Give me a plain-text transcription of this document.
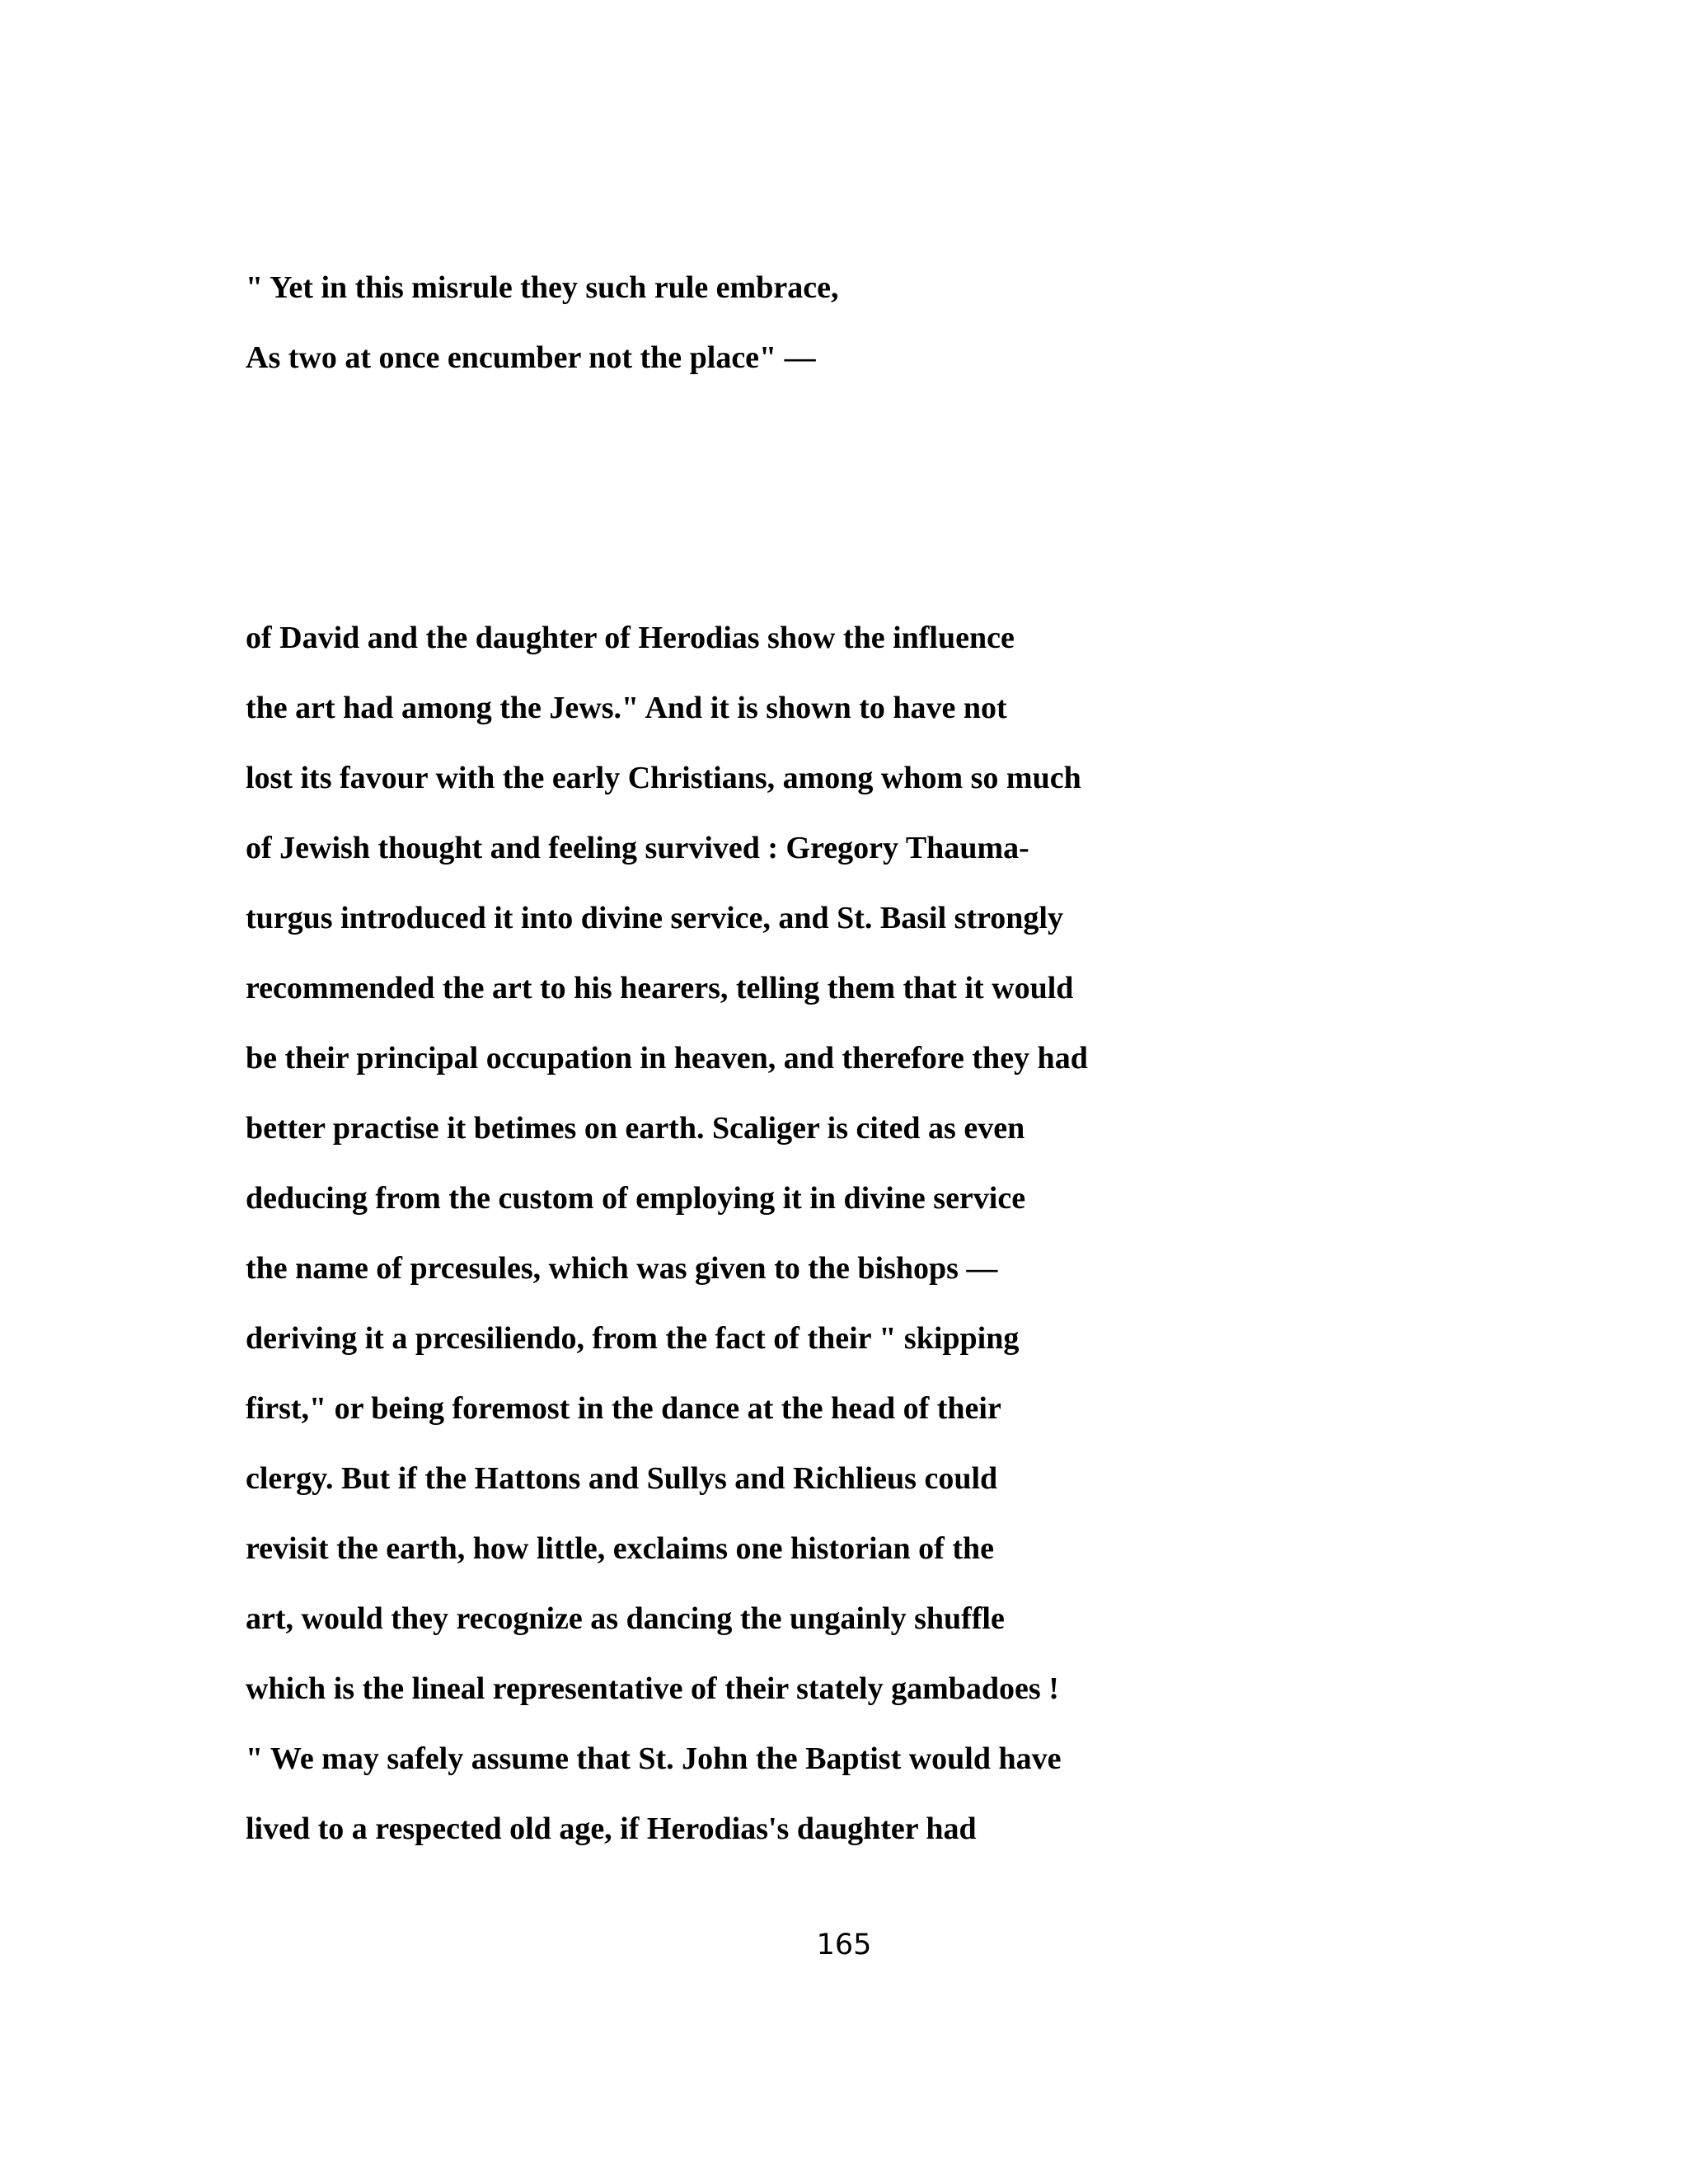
" Yet in this misrule they such rule embrace,

As two at once encumber not the place" —

of David and the daughter of Herodias show the influence

the art had among the Jews." And it is shown to have not

lost its favour with the early Christians, among whom so much

of Jewish thought and feeling survived : Gregory Thauma-

turgus introduced it into divine service, and St. Basil strongly

recommended the art to his hearers, telling them that it would

be their principal occupation in heaven, and therefore they had

better practise it betimes on earth. Scaliger is cited as even

deducing from the custom of employing it in divine service

the name of prcesules, which was given to the bishops —

deriving it a prcesiliendo, from the fact of their " skipping

first," or being foremost in the dance at the head of their

clergy. But if the Hattons and Sullys and Richlieus could

revisit the earth, how little, exclaims one historian of the

art, would they recognize as dancing the ungainly shuffle

which is the lineal representative of their stately gambadoes !

" We may safely assume that St. John the Baptist would have

lived to a respected old age, if Herodias's daughter had

165
